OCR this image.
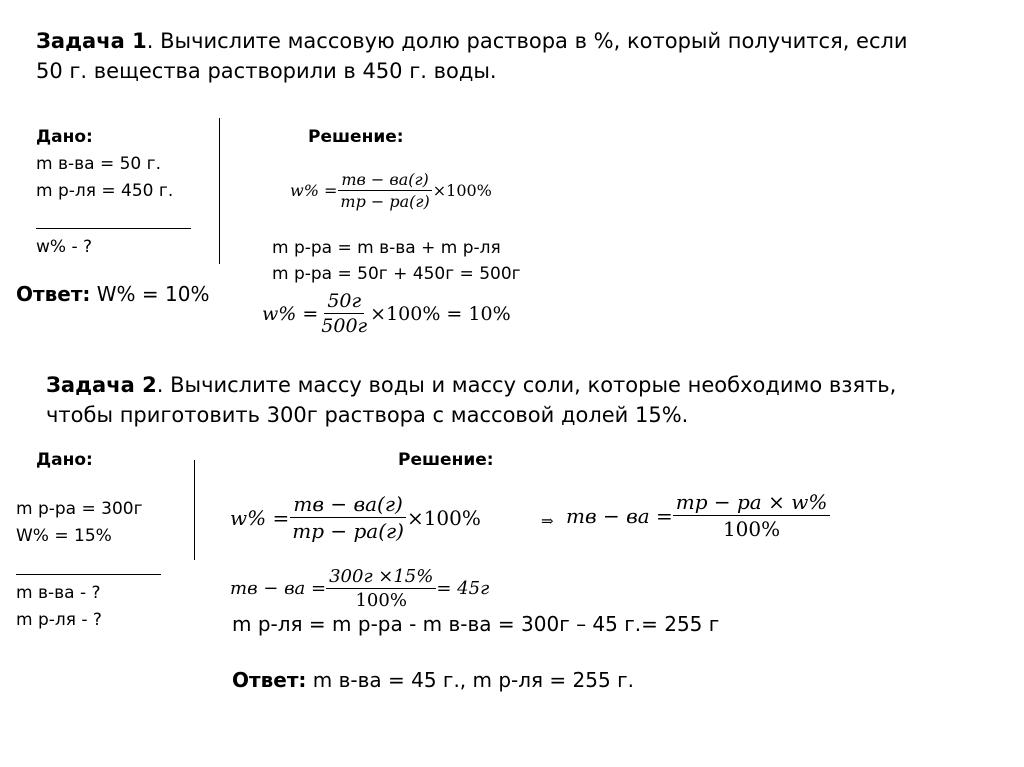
Задача 1. Вычислите массовую долю раствора в %, который получится, если
50 г. вещества растворили в 450 г. воды.
Дано:
m в-ва = 50 г.
m р-ля = 450 г.
w% - ?
Решение:
$w\% = \frac{mв - ва(г)}{mр - ра(г)} \times 100\%$
m р-ра = m в-ва + m р-ля
m р-ра = 50г + 450г = 500г
Ответ: W% = 10%
$w\% = \frac{50г}{500г} \times 100\% = 10\%$
Задача 2. Вычислите массу воды и массу соли, которые необходимо взять,
чтобы приготовить 300г раствора с массовой долей 15%.
Дано:
m р-ра = 300г
W% = 15%
m в-ва - ?
m р-ля - ?
Решение:
$w\% = \frac{mв - ва(г)}{mр - ра(г)} \times 100\%$	⇒ mв − ва = $\frac{mр - ра \times w\%}{100\%}$
mв − ва = $\frac{300г \times 15\%}{100\%} = 45г$
m р-ля = m р-ра - m в-ва = 300г – 45 г.= 255 г
Ответ: m в-ва = 45 г., m р-ля = 255 г.
